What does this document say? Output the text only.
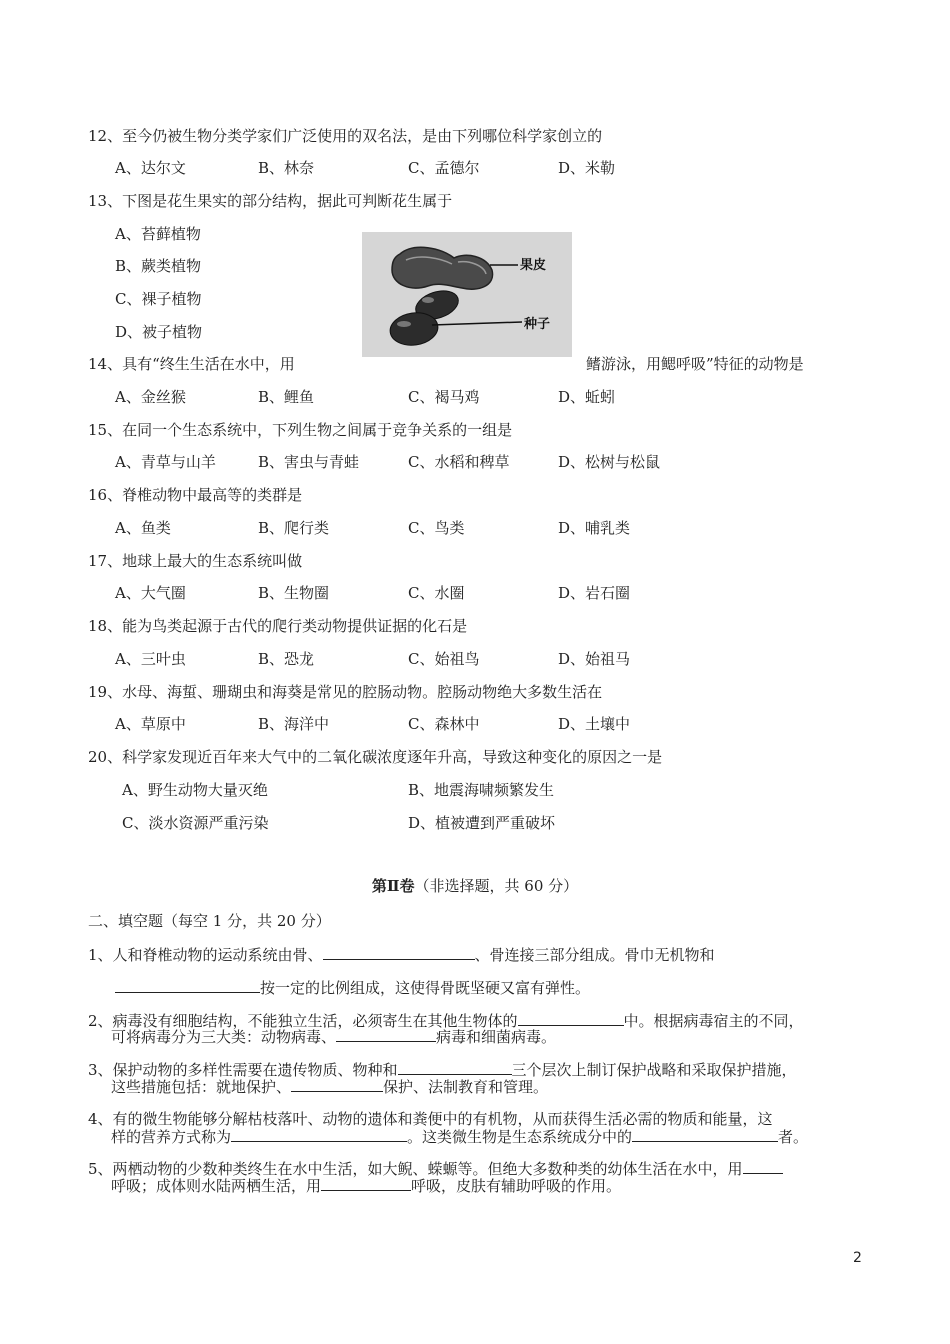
12、至今仍被生物分类学家们广泛使用的双名法，是由下列哪位科学家创立的
A、达尔文	B、林奈	C、孟德尔	D、米勒
13、下图是花生果实的部分结构，据此可判断花生属于
A、苔藓植物
B、蕨类植物
C、裸子植物
D、被子植物
果皮
种子
14、具有“终生生活在水中，用	鳍游泳，用鳃呼吸”特征的动物是
A、金丝猴	B、鲤鱼	C、褐马鸡	D、蚯蚓
15、在同一个生态系统中，下列生物之间属于竞争关系的一组是
A、青草与山羊	B、害虫与青蛙	C、水稻和稗草	D、松树与松鼠
16、脊椎动物中最高等的类群是
A、鱼类	B、爬行类	C、鸟类	D、哺乳类
17、地球上最大的生态系统叫做
A、大气圈	B、生物圈	C、水圈	D、岩石圈
18、能为鸟类起源于古代的爬行类动物提供证据的化石是
A、三叶虫	B、恐龙	C、始祖鸟	D、始祖马
19、水母、海蜇、珊瑚虫和海葵是常见的腔肠动物。腔肠动物绝大多数生活在
A、草原中	B、海洋中	C、森林中	D、土壤中
20、科学家发现近百年来大气中的二氧化碳浓度逐年升高，导致这种变化的原因之一是
A、野生动物大量灭绝	B、地震海啸频繁发生
C、淡水资源严重污染	D、植被遭到严重破坏
第Ⅱ卷（非选择题，共 60 分）
二、填空题（每空 1 分，共 20 分）
1、人和脊椎动物的运动系统由骨、	、骨连接三部分组成。骨巾无机物和
按一定的比例组成，这使得骨既坚硬又富有弹性。
2、病毒没有细胞结构，不能独立生活，必须寄生在其他生物体的	中。根据病毒宿主的不同，
可将病毒分为三大类：动物病毒、	病毒和细菌病毒。
3、保护动物的多样性需要在遗传物质、物种和	三个层次上制订保护战略和采取保护措施，
这些措施包括：就地保护、	保护、法制教育和管理。
4、有的微生物能够分解枯枝落叶、动物的遗体和粪便中的有机物，从而获得生活必需的物质和能量，这
样的营养方式称为	。这类微生物是生态系统成分中的	者。
5、两栖动物的少数种类终生在水中生活，如大鲵、蝾螈等。但绝大多数种类的幼体生活在水中，用
呼吸；成体则水陆两栖生活，用	呼吸，皮肤有辅助呼吸的作用。
2
